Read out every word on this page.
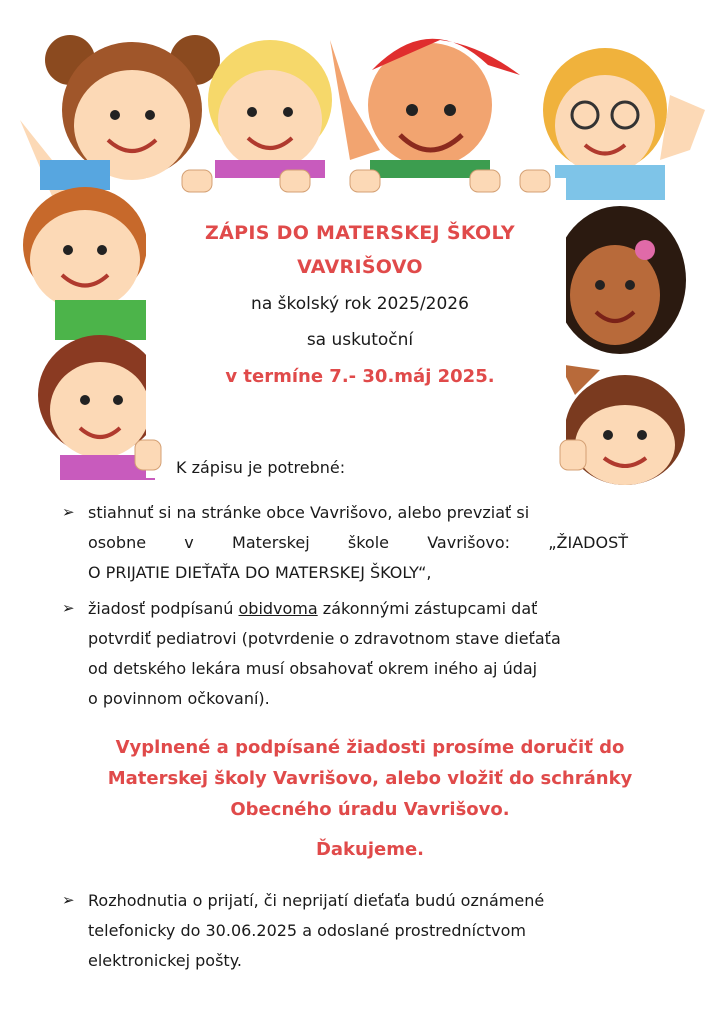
ZÁPIS DO MATERSKEJ ŠKOLY
VAVRIŠOVO
na školský rok 2025/2026
sa uskutoční
v termíne 7.- 30.máj 2025.
K zápisu je potrebné:
➢ stiahnuť si na stránke obce Vavrišovo, alebo prevziať si
osobne v Materskej škole Vavrišovo: „ŽIADOSŤ
O PRIJATIE DIEŤAŤA DO MATERSKEJ ŠKOLY“,
➢ žiadosť podpísanú obidvoma zákonnými zástupcami dať
potvrdiť pediatrovi (potvrdenie o zdravotnom stave dieťaťa
od detského lekára musí obsahovať okrem iného aj údaj
o povinnom očkovaní).
Vyplnené a podpísané žiadosti prosíme doručiť do
Materskej školy Vavrišovo, alebo vložiť do schránky
Obecného úradu Vavrišovo.
Ďakujeme.
➢ Rozhodnutia o prijatí, či neprijatí dieťaťa budú oznámené
telefonicky do 30.06.2025 a odoslané prostredníctvom
elektronickej pošty.
